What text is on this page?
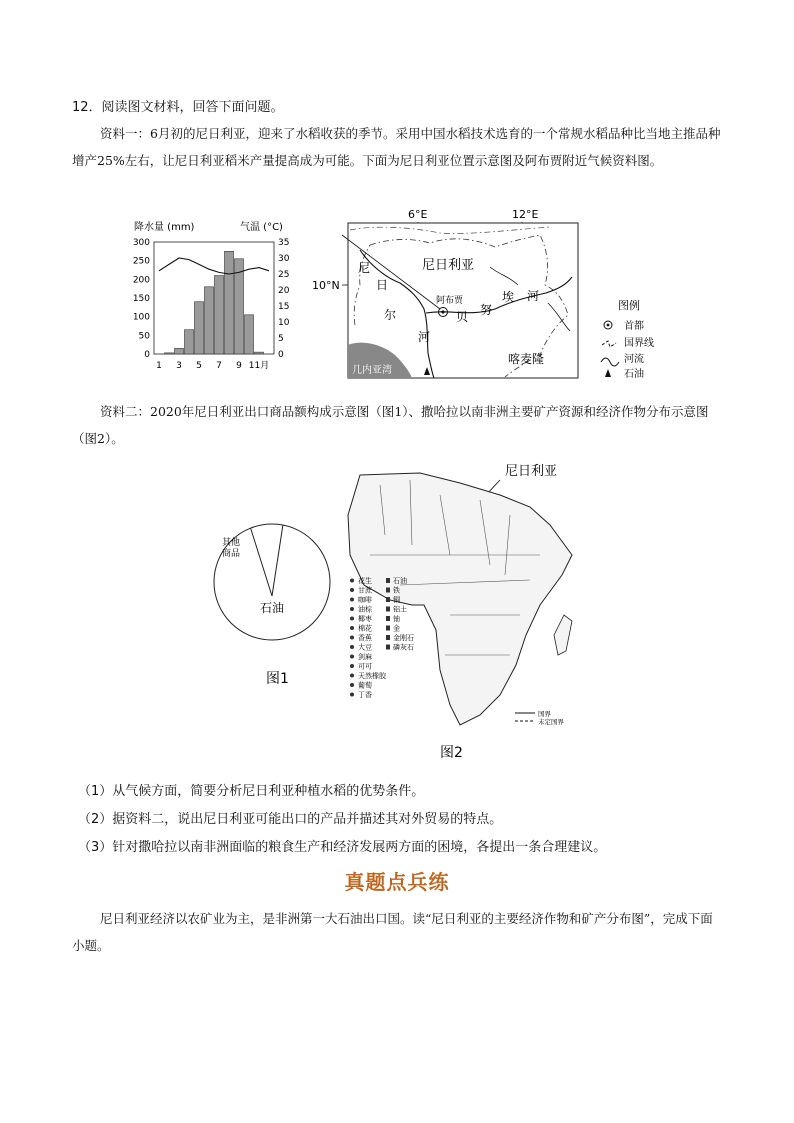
12．阅读图文材料，回答下面问题。
资料一：6月初的尼日利亚，迎来了水稻收获的季节。采用中国水稻技术选育的一个常规水稻品种比当地主推品种增产25%左右，让尼日利亚稻米产量提高成为可能。下面为尼日利亚位置示意图及阿布贾附近气候资料图。
降水量 (mm)	气温 (°C)
300
250
200
150
100
50
0
35
30
25
20
15
10
5
0
1 3 5 7 9 11月
6°E	12°E
10°N
几内亚湾
尼日利亚
尼
日
尔
河
贝 努
埃 河
阿布贾
喀麦隆
图例
首都
国界线
河流
石油
资料二：2020年尼日利亚出口商品额构成示意图（图1）、撒哈拉以南非洲主要矿产资源和经济作物分布示意图（图2）。
其他
商品
石油
图1
尼日利亚
花生
甘蔗
咖啡
油棕
椰枣
棉花
香蕉
大豆
剑麻
可可
天然橡胶
葡萄
丁香
石油
铁
铜
铝土
铀
金
金刚石
磷灰石
国界
未定国界
图2
（1）从气候方面，简要分析尼日利亚种植水稻的优势条件。
（2）据资料二，说出尼日利亚可能出口的产品并描述其对外贸易的特点。
（3）针对撒哈拉以南非洲面临的粮食生产和经济发展两方面的困境，各提出一条合理建议。
真题点兵练
尼日利亚经济以农矿业为主，是非洲第一大石油出口国。读“尼日利亚的主要经济作物和矿产分布图”，完成下面小题。
